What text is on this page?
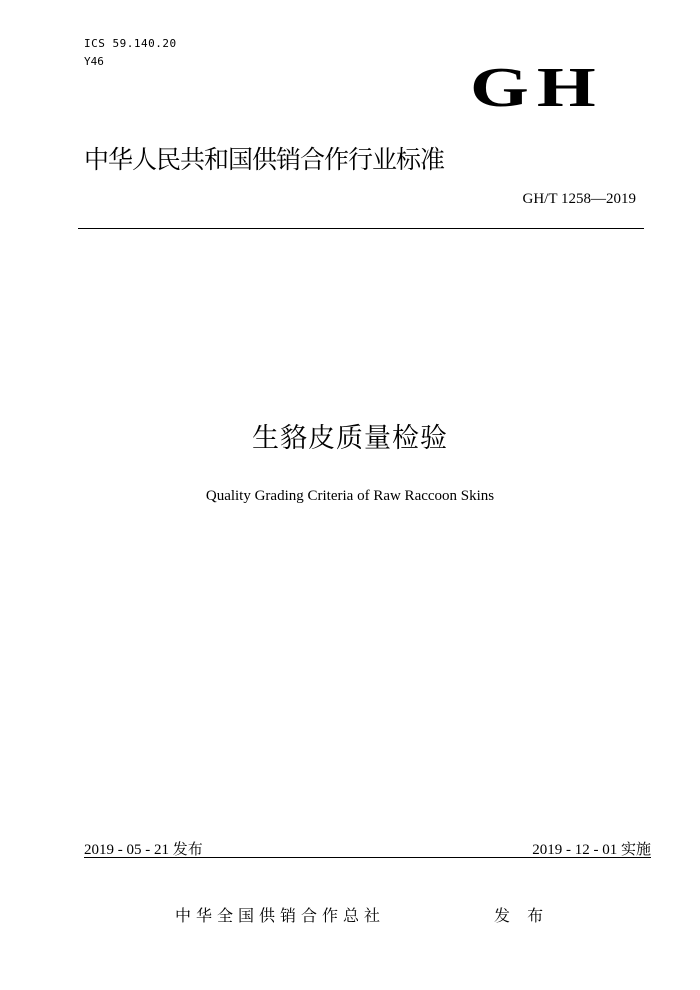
ICS 59.140.20
Y46	GH
中华人民共和国供销合作行业标准
GH/T 1258—2019
生貉皮质量检验
Quality Grading Criteria of Raw Raccoon Skins
2019 - 05 - 21 发布	2019 - 12 - 01 实施
中华全国供销合作总社	发 布
